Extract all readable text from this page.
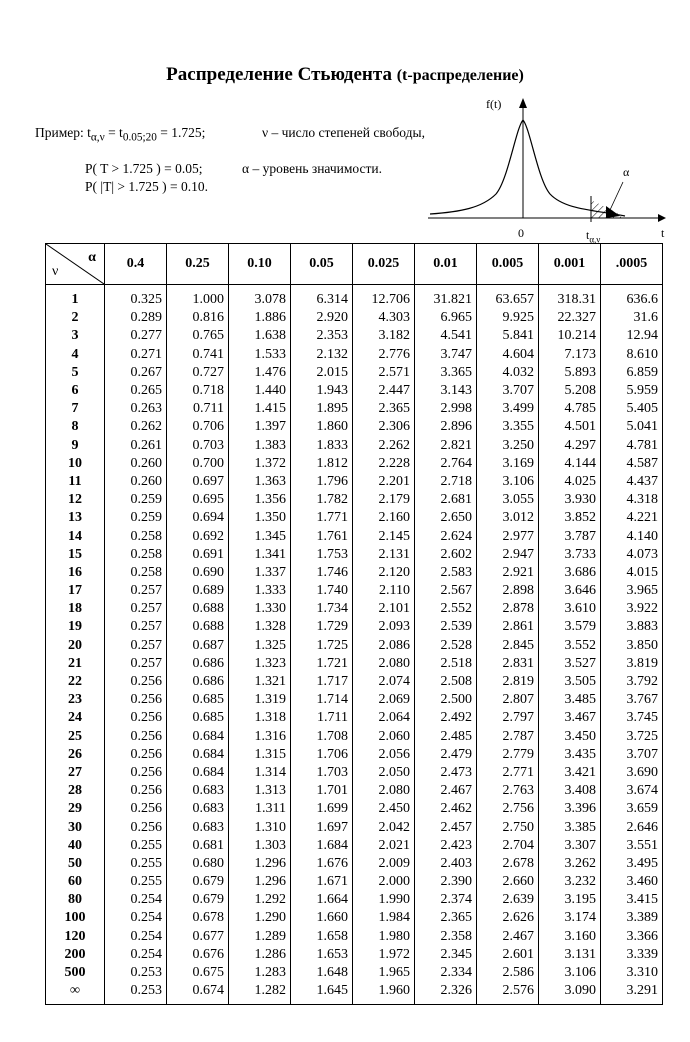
Распределение Стьюдента (t-распределение)
Пример: $t_{\alpha,\nu} = t_{0.05;20} = 1.725$;	ν – число степеней свободы,
P( T > 1.725 ) = 0.05;	α – уровень значимости.
P( |T| > 1.725 ) = 0.10.
f(t)
t
0
α
$t_{\alpha,\nu}$
α
ν	0.4	0.25	0.10	0.05	0.025	0.01	0.005	0.001	.0005
1	0.325	1.000	3.078	6.314	12.706	31.821	63.657	318.31	636.6
2	0.289	0.816	1.886	2.920	4.303	6.965	9.925	22.327	31.6
3	0.277	0.765	1.638	2.353	3.182	4.541	5.841	10.214	12.94
4	0.271	0.741	1.533	2.132	2.776	3.747	4.604	7.173	8.610
5	0.267	0.727	1.476	2.015	2.571	3.365	4.032	5.893	6.859
6	0.265	0.718	1.440	1.943	2.447	3.143	3.707	5.208	5.959
7	0.263	0.711	1.415	1.895	2.365	2.998	3.499	4.785	5.405
8	0.262	0.706	1.397	1.860	2.306	2.896	3.355	4.501	5.041
9	0.261	0.703	1.383	1.833	2.262	2.821	3.250	4.297	4.781
10	0.260	0.700	1.372	1.812	2.228	2.764	3.169	4.144	4.587
11	0.260	0.697	1.363	1.796	2.201	2.718	3.106	4.025	4.437
12	0.259	0.695	1.356	1.782	2.179	2.681	3.055	3.930	4.318
13	0.259	0.694	1.350	1.771	2.160	2.650	3.012	3.852	4.221
14	0.258	0.692	1.345	1.761	2.145	2.624	2.977	3.787	4.140
15	0.258	0.691	1.341	1.753	2.131	2.602	2.947	3.733	4.073
16	0.258	0.690	1.337	1.746	2.120	2.583	2.921	3.686	4.015
17	0.257	0.689	1.333	1.740	2.110	2.567	2.898	3.646	3.965
18	0.257	0.688	1.330	1.734	2.101	2.552	2.878	3.610	3.922
19	0.257	0.688	1.328	1.729	2.093	2.539	2.861	3.579	3.883
20	0.257	0.687	1.325	1.725	2.086	2.528	2.845	3.552	3.850
21	0.257	0.686	1.323	1.721	2.080	2.518	2.831	3.527	3.819
22	0.256	0.686	1.321	1.717	2.074	2.508	2.819	3.505	3.792
23	0.256	0.685	1.319	1.714	2.069	2.500	2.807	3.485	3.767
24	0.256	0.685	1.318	1.711	2.064	2.492	2.797	3.467	3.745
25	0.256	0.684	1.316	1.708	2.060	2.485	2.787	3.450	3.725
26	0.256	0.684	1.315	1.706	2.056	2.479	2.779	3.435	3.707
27	0.256	0.684	1.314	1.703	2.050	2.473	2.771	3.421	3.690
28	0.256	0.683	1.313	1.701	2.080	2.467	2.763	3.408	3.674
29	0.256	0.683	1.311	1.699	2.450	2.462	2.756	3.396	3.659
30	0.256	0.683	1.310	1.697	2.042	2.457	2.750	3.385	2.646
40	0.255	0.681	1.303	1.684	2.021	2.423	2.704	3.307	3.551
50	0.255	0.680	1.296	1.676	2.009	2.403	2.678	3.262	3.495
60	0.255	0.679	1.296	1.671	2.000	2.390	2.660	3.232	3.460
80	0.254	0.679	1.292	1.664	1.990	2.374	2.639	3.195	3.415
100	0.254	0.678	1.290	1.660	1.984	2.365	2.626	3.174	3.389
120	0.254	0.677	1.289	1.658	1.980	2.358	2.467	3.160	3.366
200	0.254	0.676	1.286	1.653	1.972	2.345	2.601	3.131	3.339
500	0.253	0.675	1.283	1.648	1.965	2.334	2.586	3.106	3.310
∞	0.253	0.674	1.282	1.645	1.960	2.326	2.576	3.090	3.291
